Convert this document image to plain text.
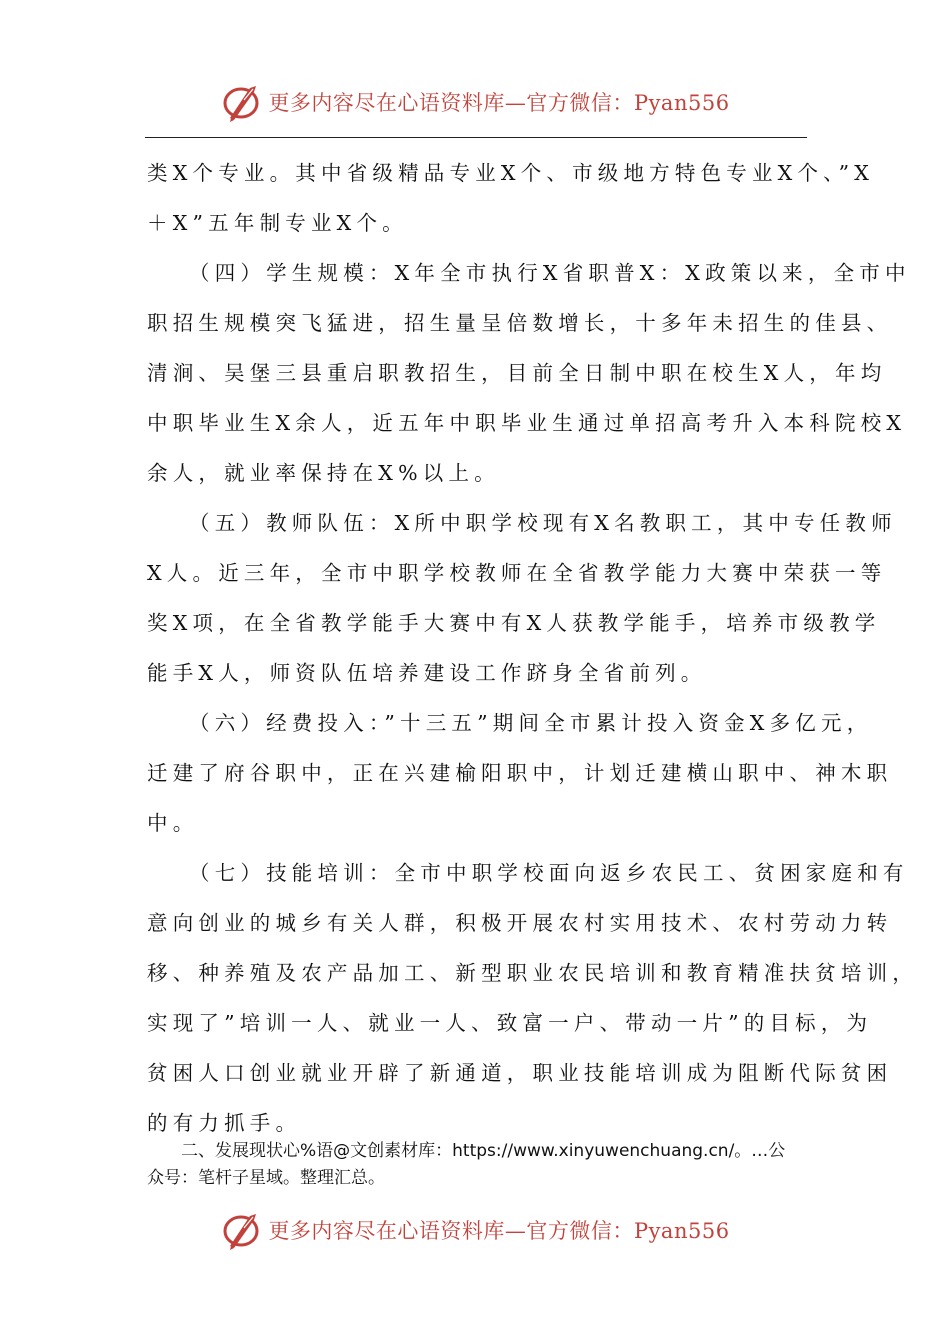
更多内容尽在心语资料库—官方微信：Pyan556
类X个专业。其中省级精品专业X个、市级地方特色专业X个、”X
＋X”五年制专业X个。
（四）学生规模：X年全市执行X省职普X：X政策以来，全市中
职招生规模突飞猛进，招生量呈倍数增长，十多年未招生的佳县、
清涧、吴堡三县重启职教招生，目前全日制中职在校生X人，年均
中职毕业生X余人，近五年中职毕业生通过单招高考升入本科院校X
余人，就业率保持在X%以上。
（五）教师队伍：X所中职学校现有X名教职工，其中专任教师
X人。近三年，全市中职学校教师在全省教学能力大赛中荣获一等
奖X项，在全省教学能手大赛中有X人获教学能手，培养市级教学
能手X人，师资队伍培养建设工作跻身全省前列。
（六）经费投入：”十三五”期间全市累计投入资金X多亿元，
迁建了府谷职中，正在兴建榆阳职中，计划迁建横山职中、神木职
中。
（七）技能培训：全市中职学校面向返乡农民工、贫困家庭和有
意向创业的城乡有关人群，积极开展农村实用技术、农村劳动力转
移、种养殖及农产品加工、新型职业农民培训和教育精准扶贫培训，
实现了”培训一人、就业一人、致富一户、带动一片”的目标，为
贫困人口创业就业开辟了新通道，职业技能培训成为阻断代际贫困
的有力抓手。
二、发展现状心%语@文创素材库：https://www.xinyuwenchuang.cn/。…公
众号：笔杆子星域。整理汇总。
更多内容尽在心语资料库—官方微信：Pyan556
